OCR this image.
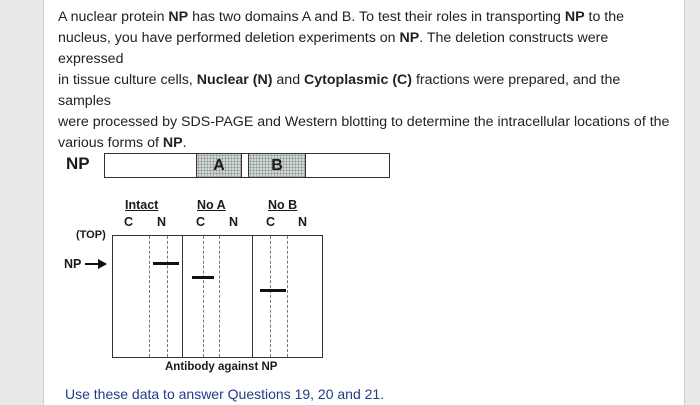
A nuclear protein NP has two domains A and B. To test their roles in transporting NP to the
nucleus, you have performed deletion experiments on NP. The deletion constructs were expressed
in tissue culture cells, Nuclear (N) and Cytoplasmic (C) fractions were prepared, and the samples
were processed by SDS-PAGE and Western blotting to determine the intracellular locations of the
various forms of NP.
NP	A	B
Intact	No A	No B
C N C N C N
(TOP)
NP
Antibody against NP
Use these data to answer Questions 19, 20 and 21.
